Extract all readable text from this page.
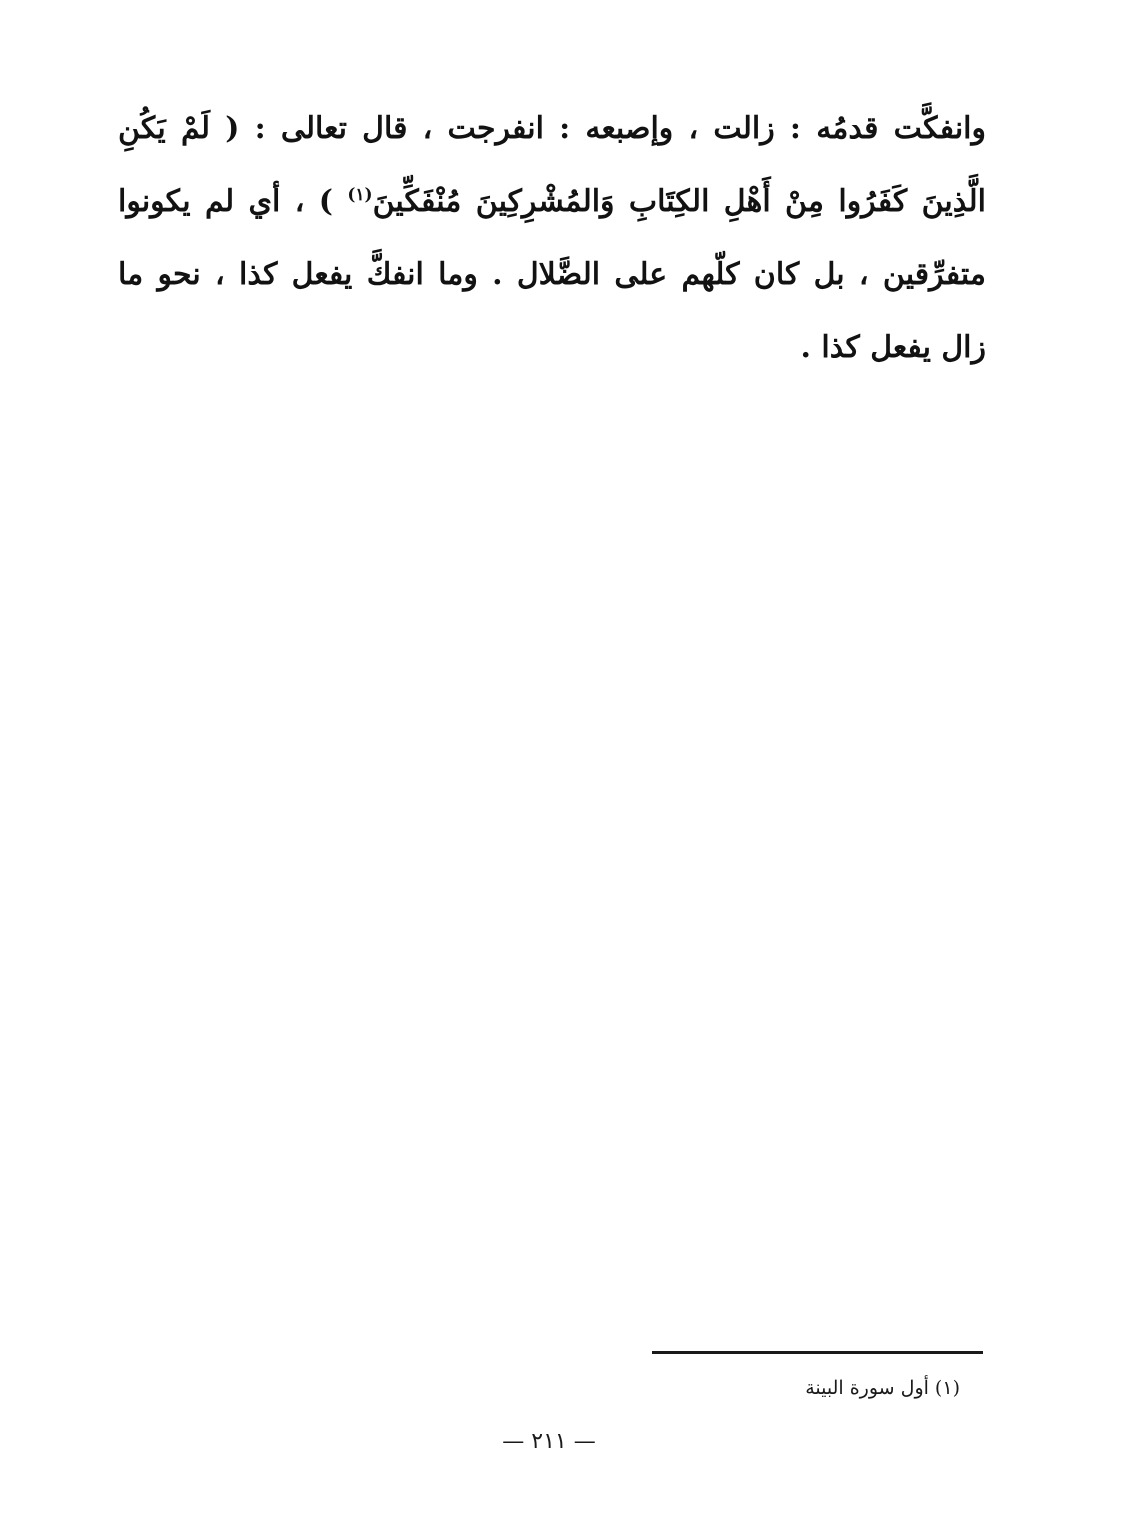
وانفكَّت قدمُه : زالت ، وإصبعه : انفرجت ، قال تعالى : ( لَمْ يَكُنِ الَّذِينَ كَفَرُوا مِنْ أَهْلِ الكِتَابِ وَالمُشْرِكِينَ مُنْفَكِّينَ$^{(١)}$ ) ، أي لم يكونوا متفرِّقين ، بل كان كلّهم على الضَّلال . وما انفكَّ يفعل كذا ، نحو ما زال يفعل كذا .
(١) أول سورة البينة
— ٢١١ —
